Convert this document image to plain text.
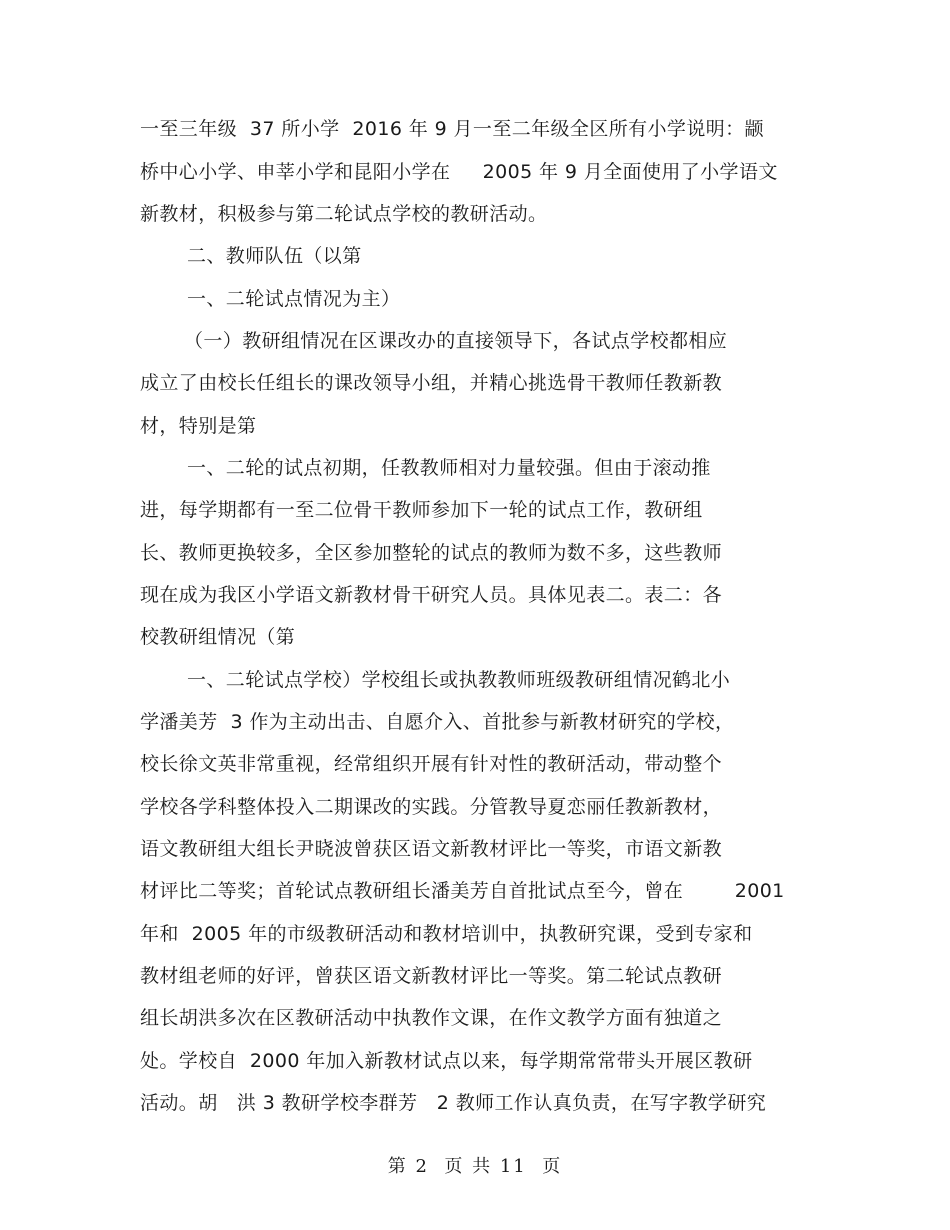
一至三年级  37 所小学  2016 年 9 月一至二年级全区所有小学说明：颛
桥中心小学、申莘小学和昆阳小学在     2005 年 9 月全面使用了小学语文
新教材，积极参与第二轮试点学校的教研活动。
二、教师队伍（以第
一、二轮试点情况为主）
（一）教研组情况在区课改办的直接领导下，各试点学校都相应
成立了由校长任组长的课改领导小组，并精心挑选骨干教师任教新教
材，特别是第
一、二轮的试点初期，任教教师相对力量较强。但由于滚动推
进，每学期都有一至二位骨干教师参加下一轮的试点工作，教研组
长、教师更换较多，全区参加整轮的试点的教师为数不多，这些教师
现在成为我区小学语文新教材骨干研究人员。具体见表二。表二：各
校教研组情况（第
一、二轮试点学校）学校组长或执教教师班级教研组情况鹤北小
学潘美芳  3 作为主动出击、自愿介入、首批参与新教材研究的学校，
校长徐文英非常重视，经常组织开展有针对性的教研活动，带动整个
学校各学科整体投入二期课改的实践。分管教导夏恋丽任教新教材，
语文教研组大组长尹晓波曾获区语文新教材评比一等奖，市语文新教
材评比二等奖；首轮试点教研组长潘美芳自首批试点至今，曾在        2001
年和  2005 年的市级教研活动和教材培训中，执教研究课，受到专家和
教材组老师的好评，曾获区语文新教材评比一等奖。第二轮试点教研
组长胡洪多次在区教研活动中执教作文课，在作文教学方面有独道之
处。学校自  2000 年加入新教材试点以来，每学期常常带头开展区教研
活动。胡   洪 3 教研学校李群芳   2 教师工作认真负责，在写字教学研究
第 2  页 共 11  页
